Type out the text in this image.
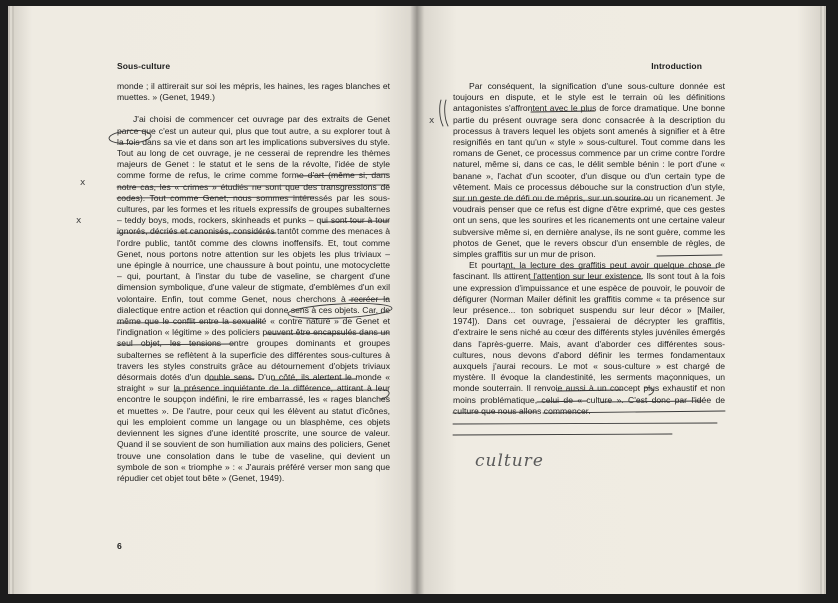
Sous-culture

monde ; il attirerait sur soi les mépris, les haines, les rages blanches et muettes. » (Genet, 1949.)

J'ai choisi de commencer cet ouvrage par des extraits de Genet parce que c'est un auteur qui, plus que tout autre, a su explorer tout à la fois dans sa vie et dans son art les implications subversives du style. Tout au long de cet ouvrage, je ne cesserai de reprendre les thèmes majeurs de Genet : le statut et le sens de la révolte, l'idée de style comme forme de refus, le crime comme forme d'art (même si, dans notre cas, les « crimes » étudiés ne sont que des transgressions de codes). Tout comme Genet, nous sommes intéressés par les sous-cultures, par les formes et les rituels expressifs de groupes subalternes – teddy boys, mods, rockers, skinheads et punks – qui sont tour à tour ignorés, décriés et canonisés, considérés tantôt comme des menaces à l'ordre public, tantôt comme des clowns inoffensifs. Et, tout comme Genet, nous portons notre attention sur les objets les plus triviaux – une épingle à nourrice, une chaussure à bout pointu, une motocyclette – qui, pourtant, à l'instar du tube de vaseline, se chargent d'une dimension symbolique, d'une valeur de stigmate, d'emblèmes d'un exil volontaire. Enfin, tout comme Genet, nous cherchons à recréer la dialectique entre action et réaction qui donne sens à ces objets. Car, de même que le conflit entre la sexualité « contre nature » de Genet et l'indignation « légitime » des policiers peuvent être encapsulés dans un seul objet, les tensions entre groupes dominants et groupes subalternes se reflètent à la superficie des différentes sous-cultures à travers les styles construits grâce au détournement d'objets triviaux désormais dotés d'un double sens. D'un côté, ils alertent le monde « straight » sur la présence inquiétante de la différence, attirant à leur encontre le soupçon indéfini, le rire embarrassé, les « rages blanches et muettes ». De l'autre, pour ceux qui les élèvent au statut d'icônes, qui les emploient comme un langage ou un blasphème, ces objets deviennent les signes d'une identité proscrite, une source de valeur. Quand il se souvient de son humiliation aux mains des policiers, Genet trouve une consolation dans le tube de vaseline, qui devient un symbole de son « triomphe » : « J'aurais préféré verser mon sang que répudier cet objet tout bête » (Genet, 1949).

6
x
x
Introduction

Par conséquent, la signification d'une sous-culture donnée est toujours en dispute, et le style est le terrain où les définitions antagonistes s'affrontent avec le plus de force dramatique. Une bonne partie du présent ouvrage sera donc consacrée à la description du processus à travers lequel les objets sont amenés à signifier et à être resignifiés en tant qu'un « style » sous-culturel. Tout comme dans les romans de Genet, ce processus commence par un crime contre l'ordre naturel, même si, dans ce cas, le délit semble bénin : le port d'une « banane », l'achat d'un scooter, d'un disque ou d'un certain type de vêtement. Mais ce processus débouche sur la construction d'un style, sur un geste de défi ou de mépris, sur un sourire ou un ricanement. Je voudrais penser que ce refus est digne d'être exprimé, que ces gestes ont un sens, que les sourires et les ricanements ont une certaine valeur subversive même si, en dernière analyse, ils ne sont guère, comme les photos de Genet, que le revers obscur d'un ensemble de règles, de simples graffitis sur un mur de prison.

Et pourtant, la lecture des graffitis peut avoir quelque chose de fascinant. Ils attirent l'attention sur leur existence. Ils sont tout à la fois une expression d'impuissance et une espèce de pouvoir, le pouvoir de défigurer (Norman Mailer définit les graffitis comme « ta présence sur leur présence... ton sobriquet suspendu sur leur décor » [Mailer, 1974]). Dans cet ouvrage, j'essaierai de décrypter les graffitis, d'extraire le sens niché au cœur des différents styles juvéniles émergés dans l'après-guerre. Mais, avant d'aborder ces différentes sous-cultures, nous devons d'abord définir les termes fondamentaux auxquels j'aurai recours. Le mot « sous-culture » est chargé de mystère. Il évoque la clandestinité, les serments maçonniques, un monde souterrain. Il renvoie aussi à un concept plus exhaustif et non moins problématique, celui de « culture ». C'est donc par l'idée de culture que nous allons commencer.

x
culture
